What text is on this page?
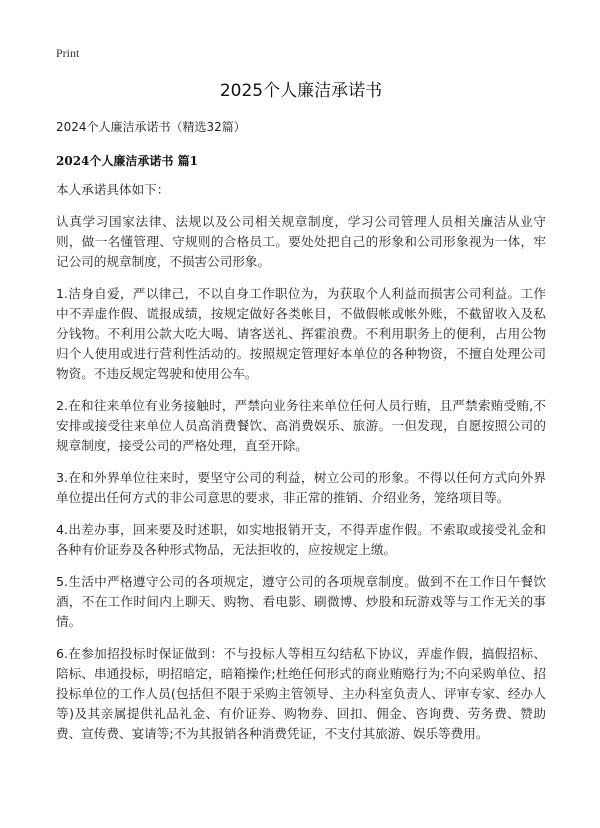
Print
2025个人廉洁承诺书

2024个人廉洁承诺书（精选32篇）

2024个人廉洁承诺书 篇1

本人承诺具体如下：

认真学习国家法律、法规以及公司相关规章制度，学习公司管理人员相关廉洁从业守则，做一名懂管理、守规则的合格员工。要处处把自己的形象和公司形象视为一体，牢记公司的规章制度，不损害公司形象。

1.洁身自爱，严以律己，不以自身工作职位为，为获取个人利益而损害公司利益。工作中不弄虚作假、谎报成绩，按规定做好各类帐目，不做假帐或帐外账，不截留收入及私分钱物。不利用公款大吃大喝、请客送礼、挥霍浪费。不利用职务上的便利，占用公物归个人使用或进行营利性活动的。按照规定管理好本单位的各种物资，不擅自处理公司物资。不违反规定驾驶和使用公车。

2.在和往来单位有业务接触时，严禁向业务往来单位任何人员行贿，且严禁索贿受贿,不安排或接受往来单位人员高消费餐饮、高消费娱乐、旅游。一但发现，自愿按照公司的规章制度，接受公司的严格处理，直至开除。

3.在和外界单位往来时，要坚守公司的利益，树立公司的形象。不得以任何方式向外界单位提出任何方式的非公司意思的要求，非正常的推销、介绍业务，笼络项目等。

4.出差办事，回来要及时述职，如实地报销开支，不得弄虚作假。不索取或接受礼金和各种有价证券及各种形式物品，无法拒收的，应按规定上缴。

5.生活中严格遵守公司的各项规定，遵守公司的各项规章制度。做到不在工作日午餐饮酒，不在工作时间内上聊天、购物、看电影、刷微博、炒股和玩游戏等与工作无关的事情。

6.在参加招投标时保证做到：不与投标人等相互勾结私下协议，弄虚作假，搞假招标、陪标、串通投标，明招暗定，暗箱操作;杜绝任何形式的商业贿赂行为;不向采购单位、招投标单位的工作人员(包括但不限于采购主管领导、主办科室负责人、评审专家、经办人等)及其亲属提供礼品礼金、有价证券、购物券、回扣、佣金、咨询费、劳务费、赞助费、宣传费、宴请等;不为其报销各种消费凭证，不支付其旅游、娱乐等费用。
